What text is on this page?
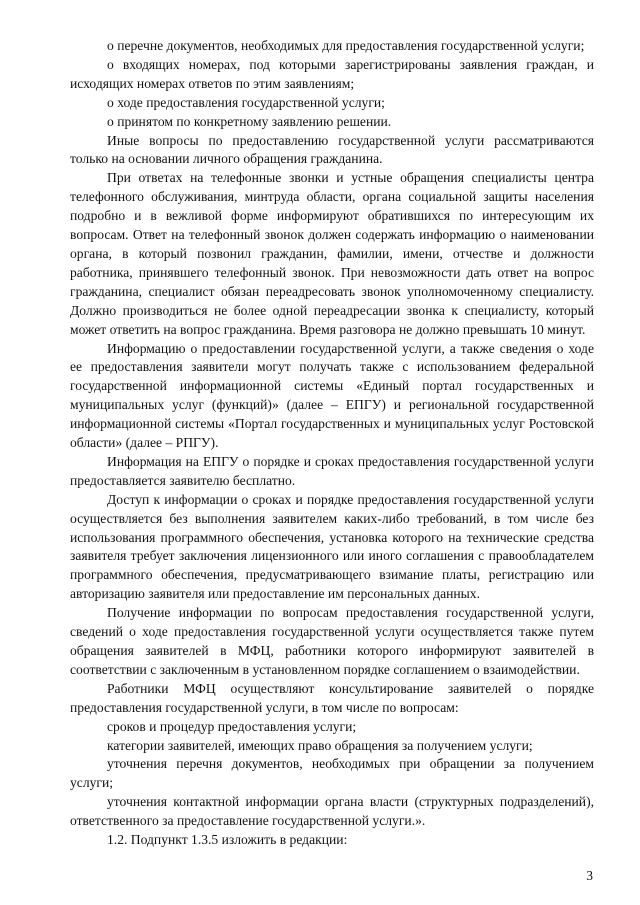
о перечне документов, необходимых для предоставления государственной услуги;

о входящих номерах, под которыми зарегистрированы заявления граждан, и исходящих номерах ответов по этим заявлениям;

о ходе предоставления государственной услуги;

о принятом по конкретному заявлению решении.

Иные вопросы по предоставлению государственной услуги рассматриваются только на основании личного обращения гражданина.

При ответах на телефонные звонки и устные обращения специалисты центра телефонного обслуживания, минтруда области, органа социальной защиты населения подробно и в вежливой форме информируют обратившихся по интересующим их вопросам. Ответ на телефонный звонок должен содержать информацию о наименовании органа, в который позвонил гражданин, фамилии, имени, отчестве и должности работника, принявшего телефонный звонок. При невозможности дать ответ на вопрос гражданина, специалист обязан переадресовать звонок уполномоченному специалисту. Должно производиться не более одной переадресации звонка к специалисту, который может ответить на вопрос гражданина. Время разговора не должно превышать 10 минут.

Информацию о предоставлении государственной услуги, а также сведения о ходе ее предоставления заявители могут получать также с использованием федеральной государственной информационной системы «Единый портал государственных и муниципальных услуг (функций)» (далее – ЕПГУ) и региональной государственной информационной системы «Портал государственных и муниципальных услуг Ростовской области» (далее – РПГУ).

Информация на ЕПГУ о порядке и сроках предоставления государственной услуги предоставляется заявителю бесплатно.

Доступ к информации о сроках и порядке предоставления государственной услуги осуществляется без выполнения заявителем каких-либо требований, в том числе без использования программного обеспечения, установка которого на технические средства заявителя требует заключения лицензионного или иного соглашения с правообладателем программного обеспечения, предусматривающего взимание платы, регистрацию или авторизацию заявителя или предоставление им персональных данных.

Получение информации по вопросам предоставления государственной услуги, сведений о ходе предоставления государственной услуги осуществляется также путем обращения заявителей в МФЦ, работники которого информируют заявителей в соответствии с заключенным в установленном порядке соглашением о взаимодействии.

Работники МФЦ осуществляют консультирование заявителей о порядке предоставления государственной услуги, в том числе по вопросам:

сроков и процедур предоставления услуги;

категории заявителей, имеющих право обращения за получением услуги;

уточнения перечня документов, необходимых при обращении за получением услуги;

уточнения контактной информации органа власти (структурных подразделений), ответственного за предоставление государственной услуги.».

1.2. Подпункт 1.3.5 изложить в редакции:

3
